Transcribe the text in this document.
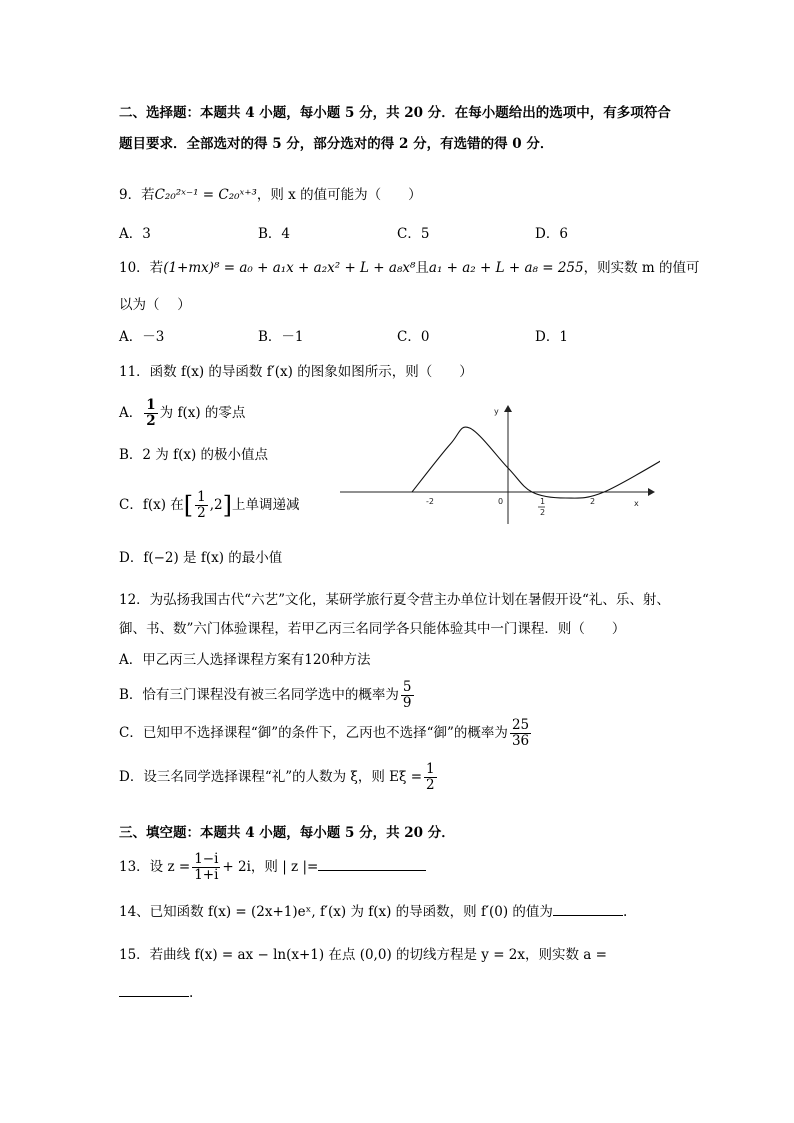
二、选择题：本题共 4 小题，每小题 5 分，共 20 分．在每小题给出的选项中，有多项符合
题目要求．全部选对的得 5 分，部分选对的得 2 分，有选错的得 0 分．
9．若C₂₀²ˣ⁻¹ = C₂₀ˣ⁺³，则 x 的值可能为（　　）
A．3	B．4	C．5	D．6
10．若(1+mx)⁸ = a₀ + a₁x + a₂x² + L + a₈x⁸且a₁ + a₂ + L + a₈ = 255，则实数 m 的值可
以为（　 ）
A．－3	B．－1	C．0	D．1
11．函数 f(x) 的导函数 f′(x) 的图象如图所示，则（　　）
A． $\frac{1}{2}$ 为 f(x) 的零点
B．2 为 f(x) 的极小值点
C．f(x) 在[ $\frac{1}{2} ,2$]上单调递减
D．f(−2) 是 f(x) 的最小值
y
x
0
-2	1
2
2
12．为弘扬我国古代“六艺”文化，某研学旅行夏令营主办单位计划在暑假开设“礼、乐、射、
御、书、数”六门体验课程，若甲乙丙三名同学各只能体验其中一门课程．则（　　）
A．甲乙丙三人选择课程方案有120种方法
B．恰有三门课程没有被三名同学选中的概率为 $\frac{5}{9}$
C．已知甲不选择课程“御”的条件下，乙丙也不选择“御”的概率为 $\frac{25}{36}$
D．设三名同学选择课程“礼”的人数为 ξ，则 $E\xi = \frac{1}{2}$
三、填空题：本题共 4 小题，每小题 5 分，共 20 分．
13．设 $z = \frac{1-i}{1+i} + 2i$，则 | z |=
14、已知函数 f(x) = (2x+1)eˣ, f′(x) 为 f(x) 的导函数，则 f′(0) 的值为	.
15．若曲线 f(x) = ax − ln(x+1) 在点 (0,0) 的切线方程是 y = 2x，则实数 a =
.
